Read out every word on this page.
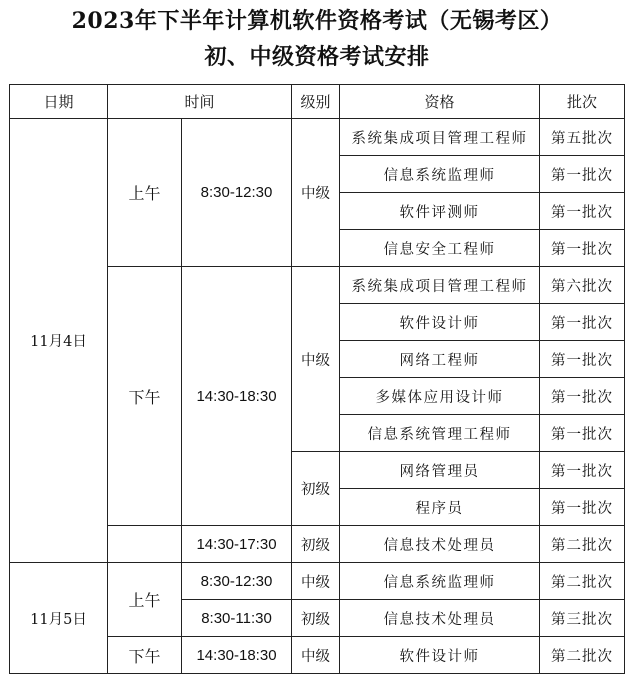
2023年下半年计算机软件资格考试（无锡考区）
初、中级资格考试安排
日期	时间		级别	资格	批次
11月4日	上午	8:30-12:30	中级	系统集成项目管理工程师	第五批次
				信息系统监理师	第一批次
				软件评测师	第一批次
				信息安全工程师	第一批次
	下午	14:30-18:30	中级	系统集成项目管理工程师	第六批次
				软件设计师	第一批次
				网络工程师	第一批次
				多媒体应用设计师	第一批次
				信息系统管理工程师	第一批次
			初级	网络管理员	第一批次
				程序员	第一批次
		14:30-17:30	初级	信息技术处理员	第二批次
11月5日	上午	8:30-12:30	中级	信息系统监理师	第二批次
		8:30-11:30	初级	信息技术处理员	第三批次
	下午	14:30-18:30	中级	软件设计师	第二批次
